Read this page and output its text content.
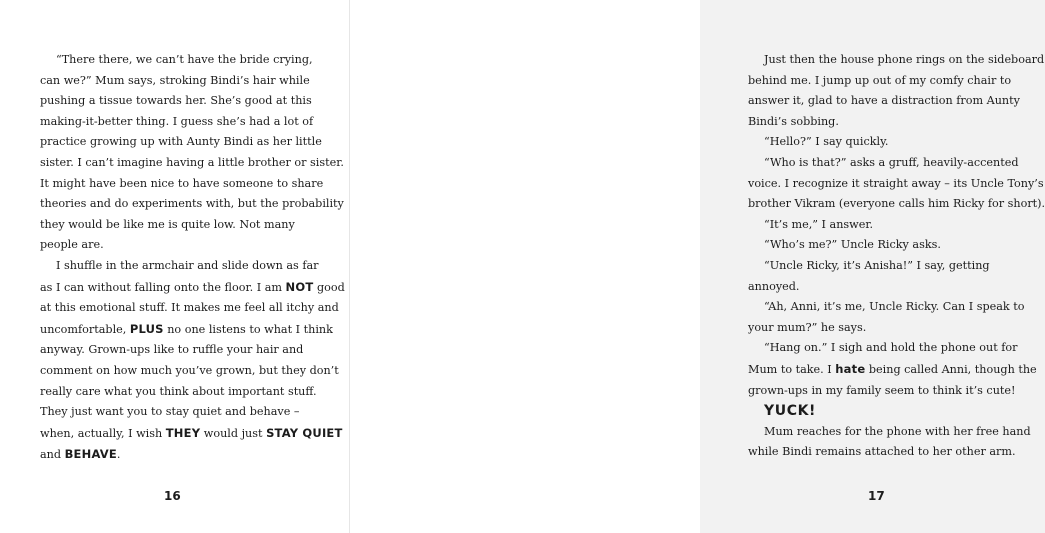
“There there, we can’t have the bride crying,
can we?” Mum says, stroking Bindi’s hair while
pushing a tissue towards her. She’s good at this
making-it-better thing. I guess she’s had a lot of
practice growing up with Aunty Bindi as her little
sister. I can’t imagine having a little brother or sister.
It might have been nice to have someone to share
theories and do experiments with, but the probability
they would be like me is quite low. Not many
people are.
I shuffle in the armchair and slide down as far
as I can without falling onto the floor. I am NOT good
at this emotional stuff. It makes me feel all itchy and
uncomfortable, PLUS no one listens to what I think
anyway. Grown-ups like to ruffle your hair and
comment on how much you’ve grown, but they don’t
really care what you think about important stuff.
They just want you to stay quiet and behave –
when, actually, I wish THEY would just STAY QUIET
and BEHAVE.
16
Just then the house phone rings on the sideboard
behind me. I jump up out of my comfy chair to
answer it, glad to have a distraction from Aunty
Bindi’s sobbing.
“Hello?” I say quickly.
“Who is that?” asks a gruff, heavily-accented
voice. I recognize it straight away – its Uncle Tony’s
brother Vikram (everyone calls him Ricky for short).
“It’s me,” I answer.
“Who’s me?” Uncle Ricky asks.
“Uncle Ricky, it’s Anisha!” I say, getting
annoyed.
“Ah, Anni, it’s me, Uncle Ricky. Can I speak to
your mum?” he says.
“Hang on.” I sigh and hold the phone out for
Mum to take. I hate being called Anni, though the
grown-ups in my family seem to think it’s cute!
YUCK!
Mum reaches for the phone with her free hand
while Bindi remains attached to her other arm.
17
